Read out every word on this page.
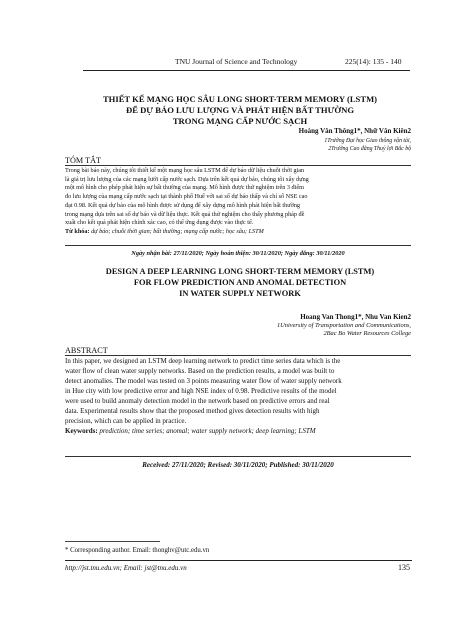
TNU Journal of Science and Technology	225(14): 135 - 140
THIẾT KẾ MẠNG HỌC SÂU LONG SHORT-TERM MEMORY (LSTM)
ĐỂ DỰ BÁO LƯU LƯỢNG VÀ PHÁT HIỆN BẤT THƯỜNG
TRONG MẠNG CẤP NƯỚC SẠCH
Hoàng Văn Thông1*, Nhữ Văn Kiên2
1Trường Đại học Giao thông vận tải,
2Trường Cao đẳng Thuỷ lợi Bắc bộ
TÓM TẮT
Trong bài báo này, chúng tôi thiết kế một mạng học sâu LSTM để dự báo dữ liệu chuỗi thời gian
là giá trị lưu lượng của các mạng lưới cấp nước sạch. Dựa trên kết quả dự báo, chúng tôi xây dựng
một mô hình cho phép phát hiện sự bất thường của mạng. Mô hình được thử nghiệm trên 3 điểm
đo lưu lượng của mạng cấp nước sạch tại thành phố Huế với sai số dự báo thấp và chỉ số NSE cao
đạt 0.98. Kết quả dự báo của mô hình được sử dụng để xây dựng mô hình phát hiện bất thường
trong mạng dựa trên sai số dự báo và dữ liệu thực. Kết quả thử nghiệm cho thấy phương pháp đề
xuất cho kết quả phát hiện chính xác cao, có thể ứng dụng được vào thực tế.
Từ khóa: dự báo; chuỗi thời gian; bất thường; mạng cấp nước; học sâu; LSTM
Ngày nhận bài: 27/11/2020; Ngày hoàn thiện: 30/11/2020; Ngày đăng: 30/11/2020
DESIGN A DEEP LEARNING LONG SHORT-TERM MEMORY (LSTM)
FOR FLOW PREDICTION AND ANOMAL DETECTION
IN WATER SUPPLY NETWORK
Hoang Van Thong1*, Nhu Van Kien2
1University of Transportation and Communications,
2Bac Bo Water Resources College
ABSTRACT
In this paper, we designed an LSTM deep learning network to predict time series data which is the
water flow of clean water supply networks. Based on the prediction results, a model was built to
detect anomalies. The model was tested on 3 points measuring water flow of water supply network
in Hue city with low predictive error and high NSE index of 0.98. Predictive results of the model
were used to build anomaly detection model in the network based on predictive errors and real
data. Experimental results show that the proposed method gives detection results with high
precision, which can be applied in practice.
Keywords: prediction; time series; anomal; water supply network; deep learning; LSTM
Received: 27/11/2020; Revised: 30/11/2020; Published: 30/11/2020
* Corresponding author. Email: thonghv@utc.edu.vn
http://jst.tnu.edu.vn; Email: jst@tnu.edu.vn	135
